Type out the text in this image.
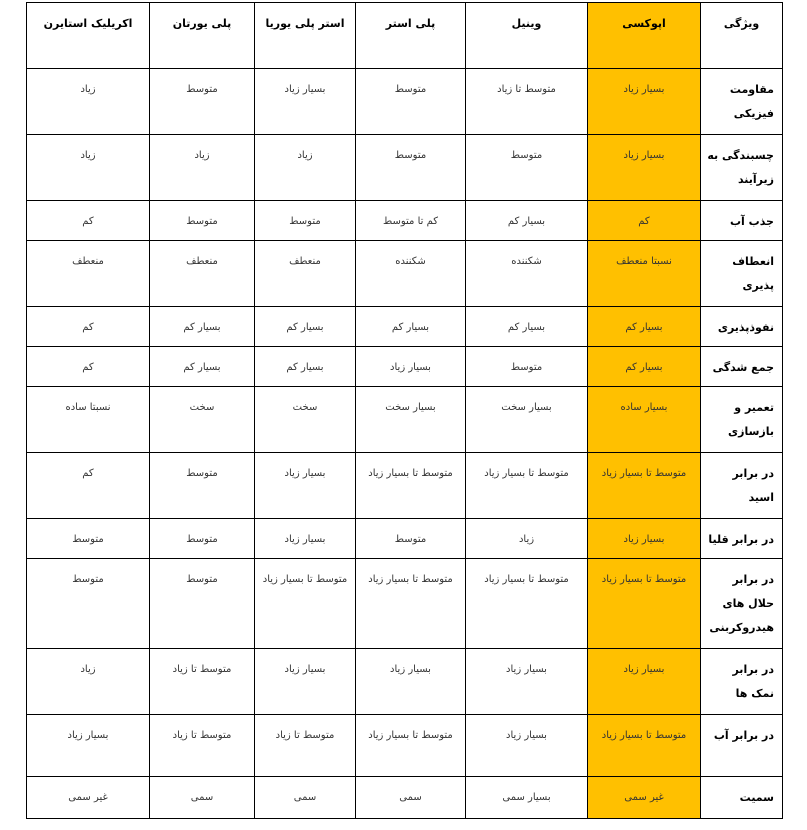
ویژگی	اپوکسی	وینیل	پلی استر	استر پلی یوریا	پلی یورتان	اکریلیک استایرن
مقاومت فیزیکی	بسیار زیاد	متوسط تا زیاد	متوسط	بسیار زیاد	متوسط	زیاد
چسبندگی به زیرآیند	بسیار زیاد	متوسط	متوسط	زیاد	زیاد	زیاد
جذب آب	کم	بسیار کم	کم تا متوسط	متوسط	متوسط	کم
انعطاف پذیری	نسبتا منعطف	شکننده	شکننده	منعطف	منعطف	منعطف
نفوذپذیری	بسیار کم	بسیار کم	بسیار کم	بسیار کم	بسیار کم	کم
جمع شدگی	بسیار کم	متوسط	بسیار زیاد	بسیار کم	بسیار کم	کم
تعمیر و بازسازی	بسیار ساده	بسیار سخت	بسیار سخت	سخت	سخت	نسبتا ساده
در برابر اسید	متوسط تا بسیار زیاد	متوسط تا بسیار زیاد	متوسط تا بسیار زیاد	بسیار زیاد	متوسط	کم
در برابر قلیا	بسیار زیاد	زیاد	متوسط	بسیار زیاد	متوسط	متوسط
در برابر حلال های هیدروکربنی	متوسط تا بسیار زیاد	متوسط تا بسیار زیاد	متوسط تا بسیار زیاد	متوسط تا بسیار زیاد	متوسط	متوسط
در برابر نمک ها	بسیار زیاد	بسیار زیاد	بسیار زیاد	بسیار زیاد	متوسط تا زیاد	زیاد
در برابر آب	متوسط تا بسیار زیاد	بسیار زیاد	متوسط تا بسیار زیاد	متوسط تا زیاد	متوسط تا زیاد	بسیار زیاد
سمیت	غیر سمی	بسیار سمی	سمی	سمی	سمی	غیر سمی
